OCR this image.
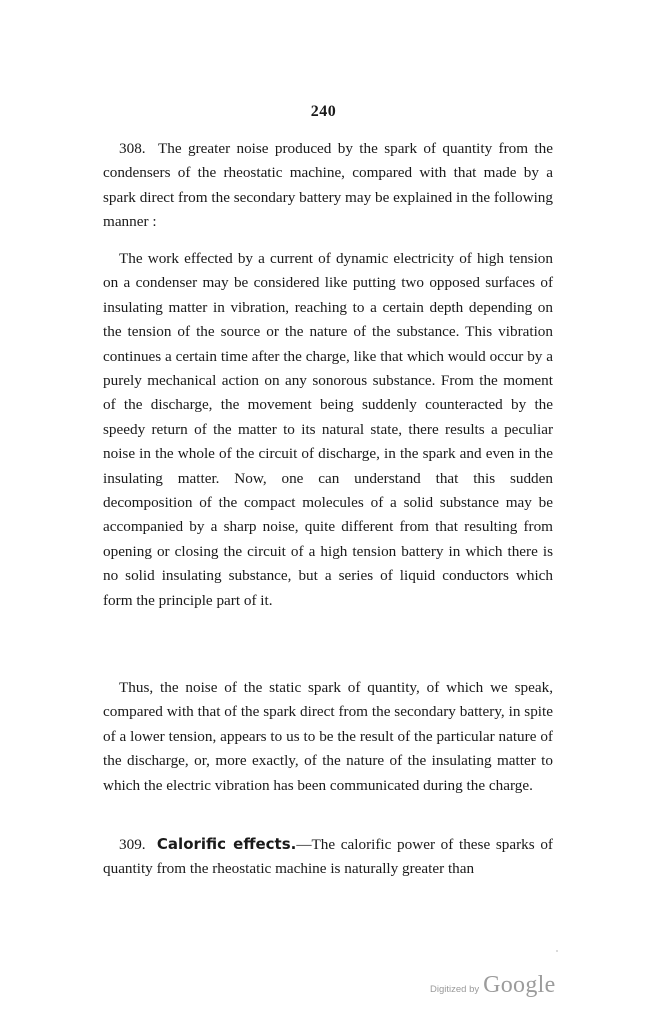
240

308. The greater noise produced by the spark of quantity from the condensers of the rheostatic machine, compared with that made by a spark direct from the secondary battery may be explained in the following manner :

The work effected by a current of dynamic electricity of high tension on a condenser may be considered like putting two opposed surfaces of insulating matter in vibration, reaching to a certain depth depending on the tension of the source or the nature of the substance. This vibration continues a certain time after the charge, like that which would occur by a purely mechanical action on any sonorous substance. From the moment of the discharge, the movement being suddenly counteracted by the speedy return of the matter to its natural state, there results a peculiar noise in the whole of the circuit of discharge, in the spark and even in the insulating matter. Now, one can understand that this sudden decomposition of the compact molecules of a solid substance may be accompanied by a sharp noise, quite different from that resulting from opening or closing the circuit of a high tension battery in which there is no solid insulating substance, but a series of liquid conductors which form the principle part of it.

Thus, the noise of the static spark of quantity, of which we speak, compared with that of the spark direct from the secondary battery, in spite of a lower tension, appears to us to be the result of the particular nature of the discharge, or, more exactly, of the nature of the insulating matter to which the electric vibration has been communicated during the charge.

309. Calorific effects.—The calorific power of these sparks of quantity from the rheostatic machine is naturally greater than

Digitized by Google
